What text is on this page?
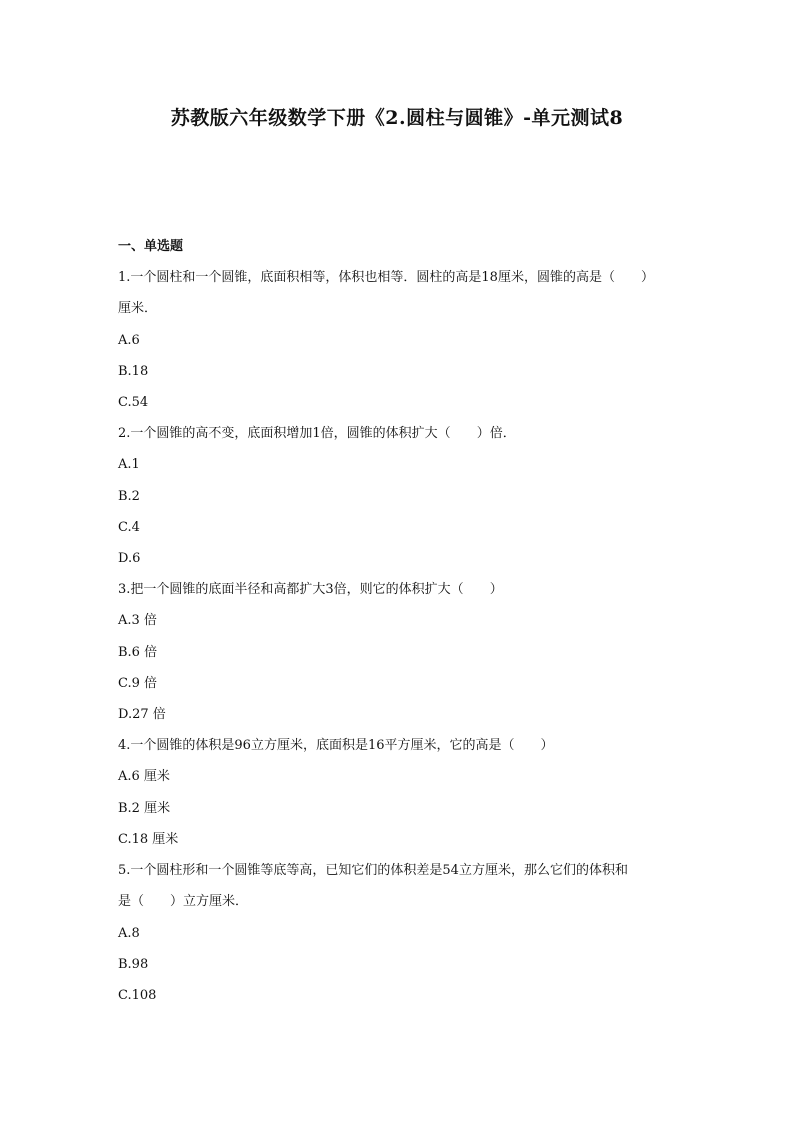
苏教版六年级数学下册《2.圆柱与圆锥》-单元测试8
一、单选题
1.一个圆柱和一个圆锥，底面积相等，体积也相等．圆柱的高是18厘米，圆锥的高是（ ）
厘米．
A.6
B.18
C.54
2.一个圆锥的高不变，底面积增加1倍，圆锥的体积扩大（ ）倍．
A.1
B.2
C.4
D.6
3.把一个圆锥的底面半径和高都扩大3倍，则它的体积扩大（ ）
A.3 倍
B.6 倍
C.9 倍
D.27 倍
4.一个圆锥的体积是96立方厘米，底面积是16平方厘米，它的高是（ ）
A.6 厘米
B.2 厘米
C.18 厘米
5.一个圆柱形和一个圆锥等底等高，已知它们的体积差是54立方厘米，那么它们的体积和
是（ ）立方厘米．
A.8
B.98
C.108
